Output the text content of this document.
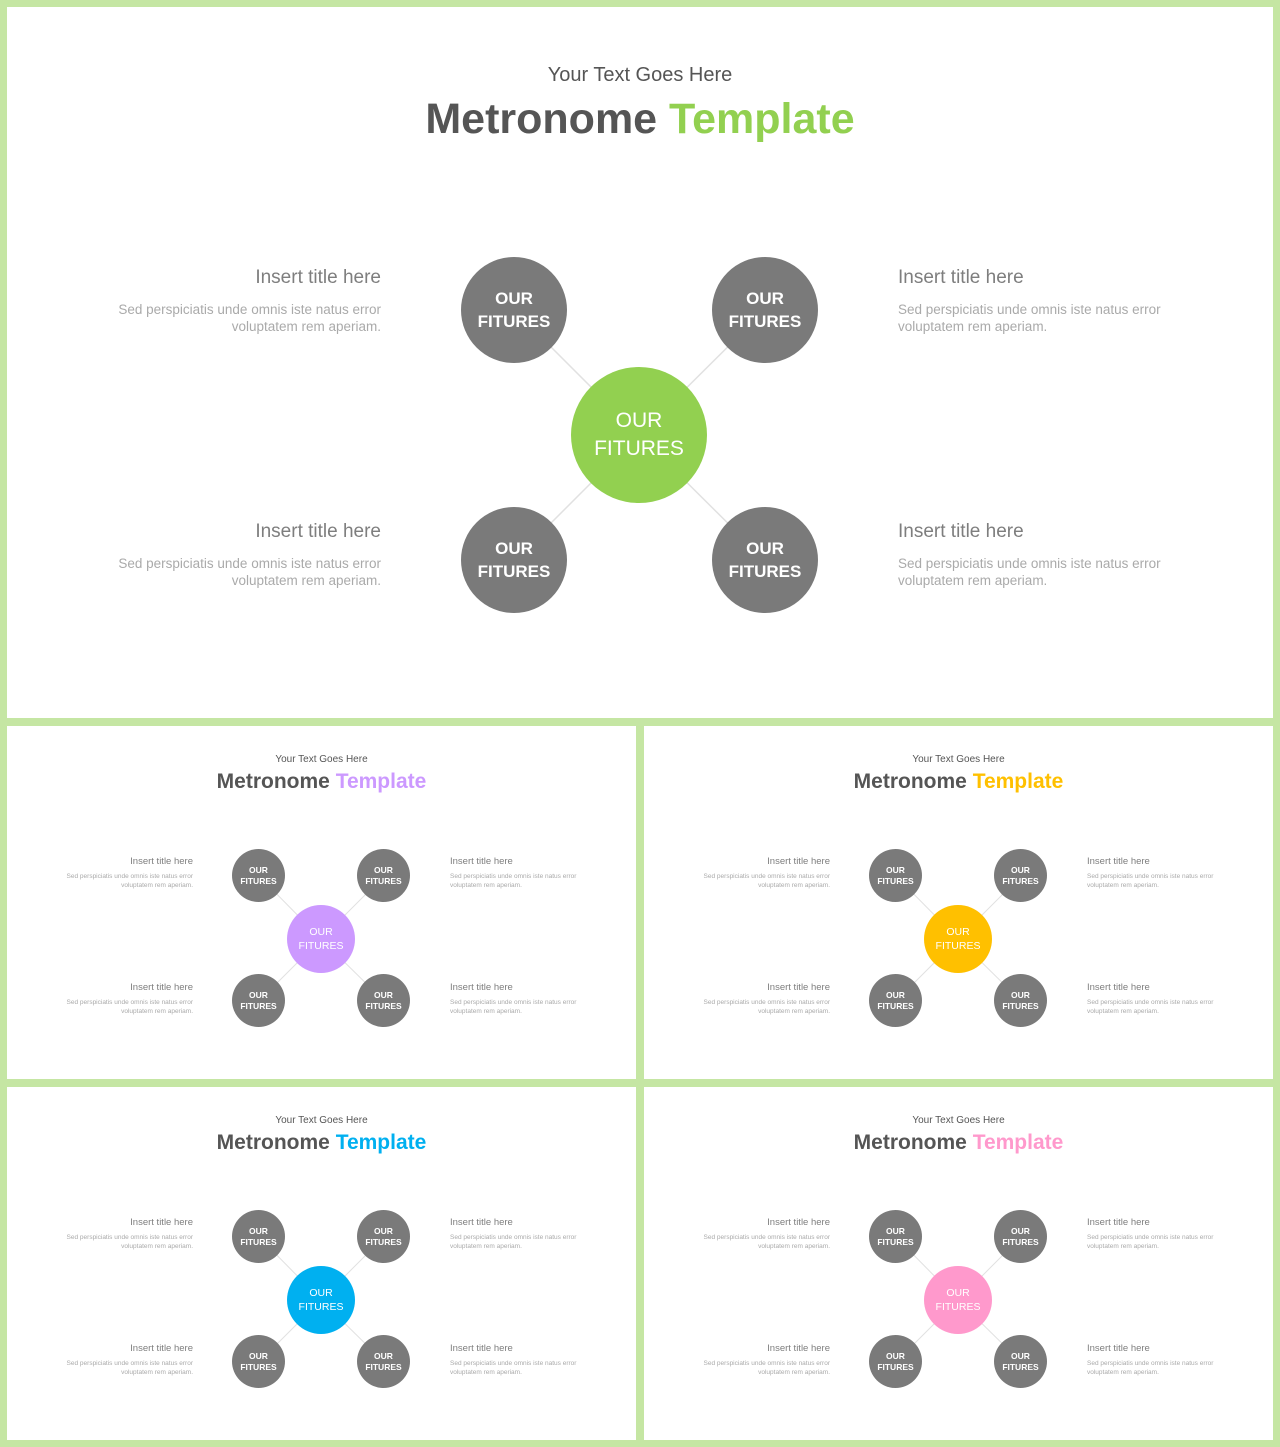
Your Text Goes Here
Metronome Template
OUR
FITURES
OUR
FITURES
OUR
FITURES
OUR
FITURES
OUR
FITURES
Insert title here
Sed perspiciatis unde omnis iste natus error
voluptatem rem aperiam.
Insert title here
Sed perspiciatis unde omnis iste natus error
voluptatem rem aperiam.
Insert title here
Sed perspiciatis unde omnis iste natus error
voluptatem rem aperiam.
Insert title here
Sed perspiciatis unde omnis iste natus error
voluptatem rem aperiam.
Your Text Goes Here
Metronome Template
OUR
FITURES
OUR
FITURES
OUR
FITURES
OUR
FITURES
OUR
FITURES
Insert title here
Sed perspiciatis unde omnis iste natus error
voluptatem rem aperiam.
Insert title here
Sed perspiciatis unde omnis iste natus error
voluptatem rem aperiam.
Insert title here
Sed perspiciatis unde omnis iste natus error
voluptatem rem aperiam.
Insert title here
Sed perspiciatis unde omnis iste natus error
voluptatem rem aperiam.
Your Text Goes Here
Metronome Template
OUR
FITURES
OUR
FITURES
OUR
FITURES
OUR
FITURES
OUR
FITURES
Insert title here
Sed perspiciatis unde omnis iste natus error
voluptatem rem aperiam.
Insert title here
Sed perspiciatis unde omnis iste natus error
voluptatem rem aperiam.
Insert title here
Sed perspiciatis unde omnis iste natus error
voluptatem rem aperiam.
Insert title here
Sed perspiciatis unde omnis iste natus error
voluptatem rem aperiam.
Your Text Goes Here
Metronome Template
OUR
FITURES
OUR
FITURES
OUR
FITURES
OUR
FITURES
OUR
FITURES
Insert title here
Sed perspiciatis unde omnis iste natus error
voluptatem rem aperiam.
Insert title here
Sed perspiciatis unde omnis iste natus error
voluptatem rem aperiam.
Insert title here
Sed perspiciatis unde omnis iste natus error
voluptatem rem aperiam.
Insert title here
Sed perspiciatis unde omnis iste natus error
voluptatem rem aperiam.
Your Text Goes Here
Metronome Template
OUR
FITURES
OUR
FITURES
OUR
FITURES
OUR
FITURES
OUR
FITURES
Insert title here
Sed perspiciatis unde omnis iste natus error
voluptatem rem aperiam.
Insert title here
Sed perspiciatis unde omnis iste natus error
voluptatem rem aperiam.
Insert title here
Sed perspiciatis unde omnis iste natus error
voluptatem rem aperiam.
Insert title here
Sed perspiciatis unde omnis iste natus error
voluptatem rem aperiam.
